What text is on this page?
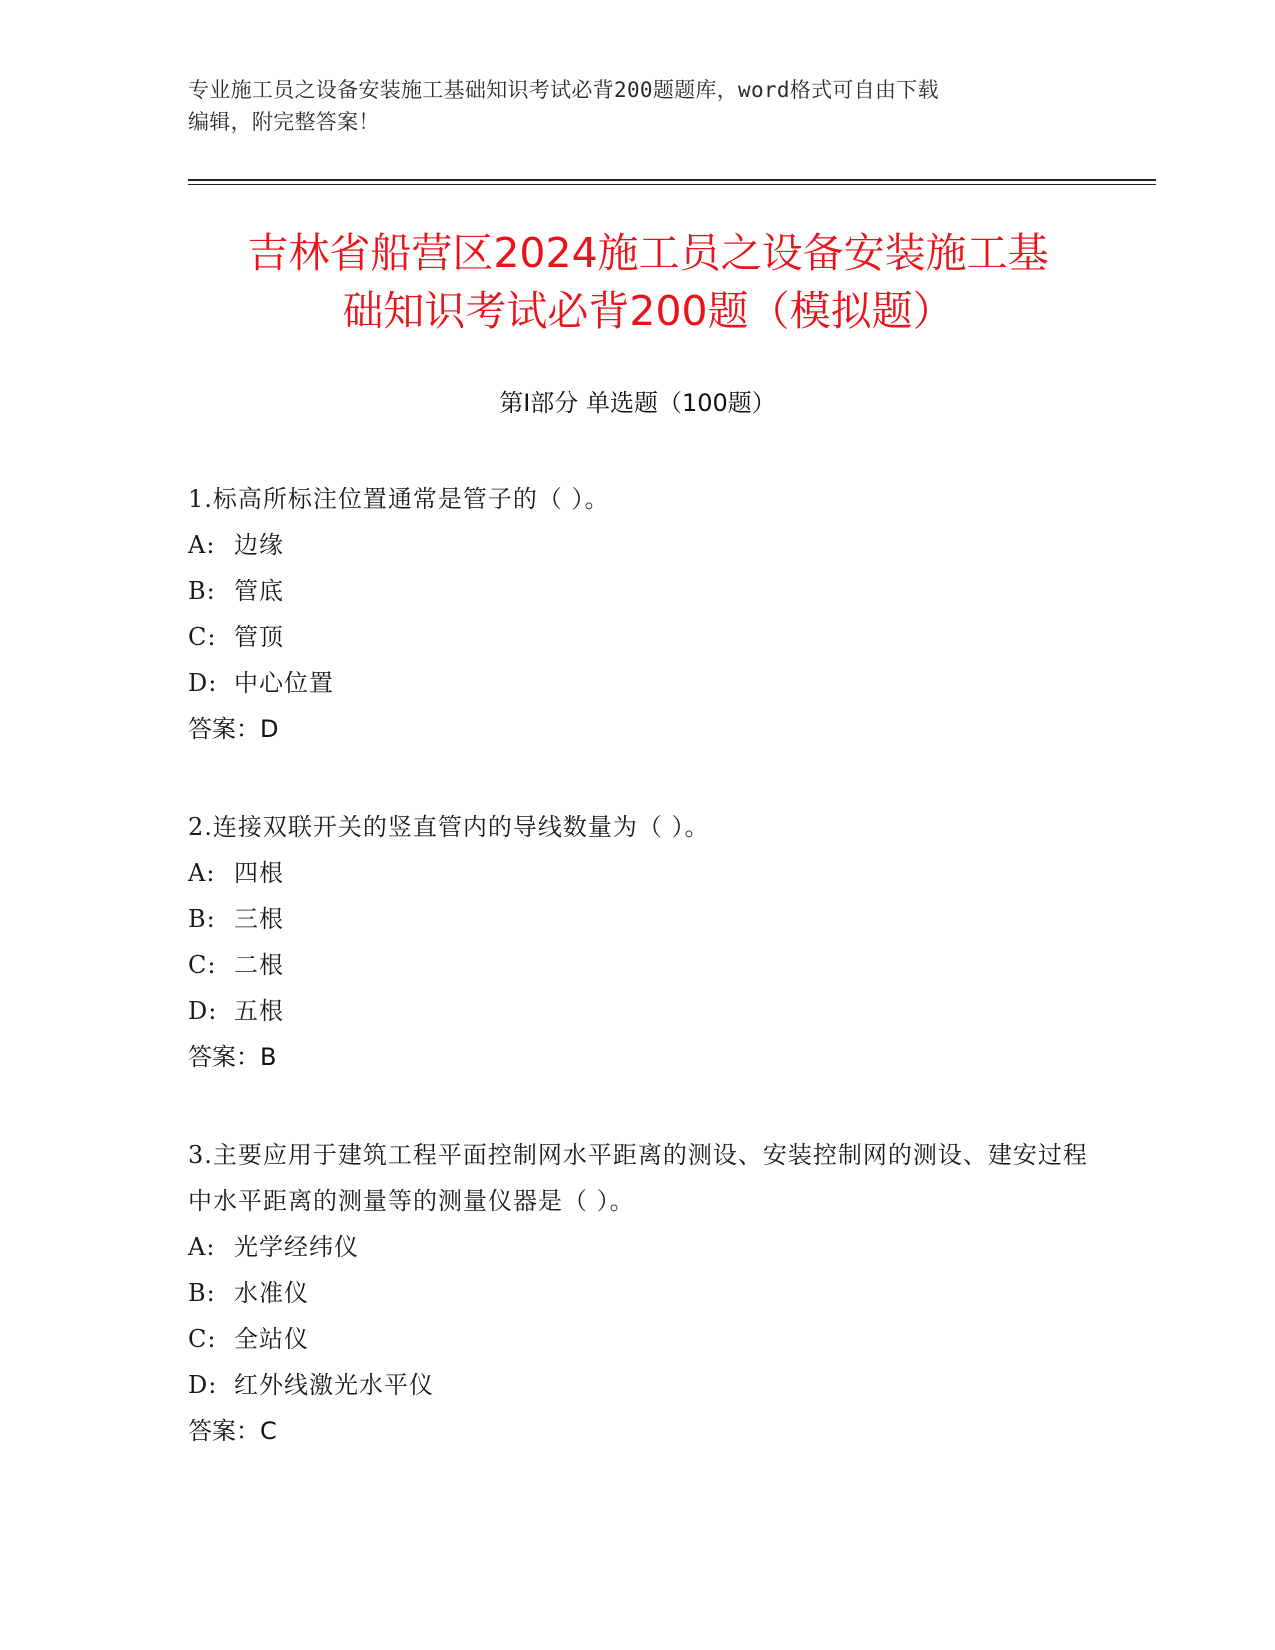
专业施工员之设备安装施工基础知识考试必背200题题库，word格式可自由下载
编辑，附完整答案！
吉林省船营区2024施工员之设备安装施工基
础知识考试必背200题（模拟题）
第Ⅰ部分 单选题（100题）
1.标高所标注位置通常是管子的（ ）。
A: 边缘
B: 管底
C: 管顶
D: 中心位置
答案：D
2.连接双联开关的竖直管内的导线数量为（ ）。
A: 四根
B: 三根
C: 二根
D: 五根
答案：B
3.主要应用于建筑工程平面控制网水平距离的测设、安装控制网的测设、建安过程中水平距离的测量等的测量仪器是（ ）。
A: 光学经纬仪
B: 水准仪
C: 全站仪
D: 红外线激光水平仪
答案：C
